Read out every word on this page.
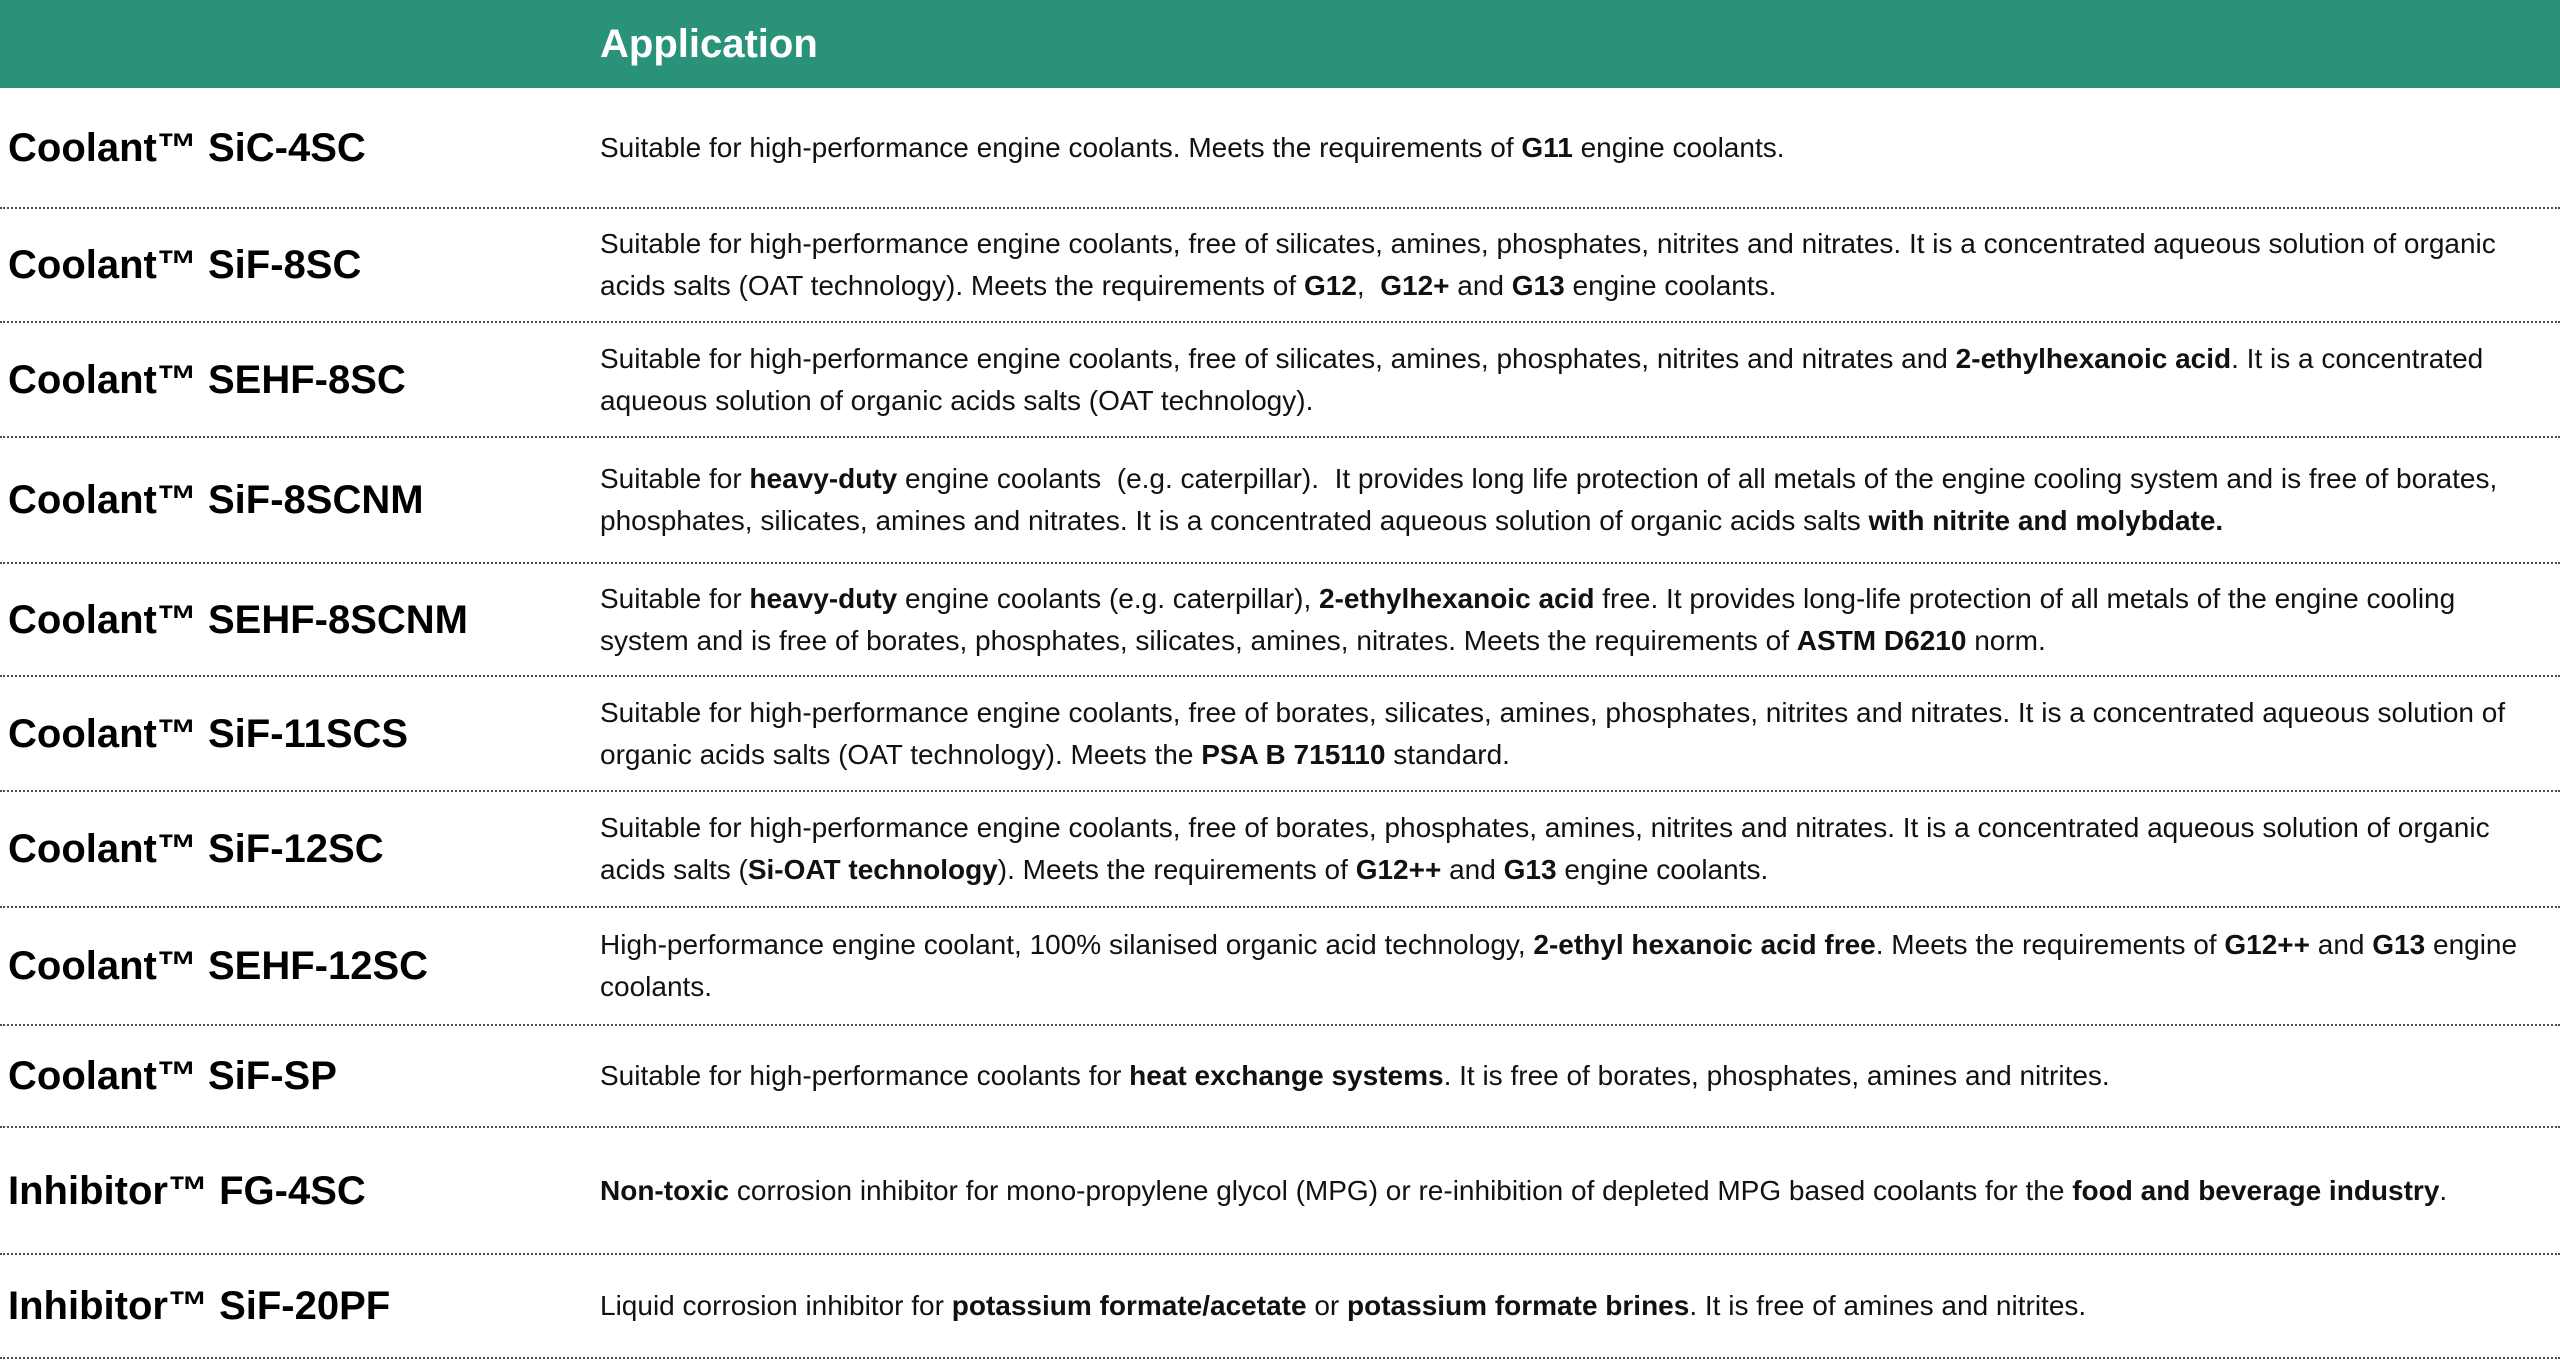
Application
Coolant™ SiC-4SC	Suitable for high-performance engine coolants. Meets the requirements of G11 engine coolants.
Coolant™ SiF-8SC	Suitable for high-performance engine coolants, free of silicates, amines, phosphates, nitrites and nitrates. It is a concentrated aqueous solution of organic acids salts (OAT technology). Meets the requirements of G12,  G12+ and G13 engine coolants.
Coolant™ SEHF-8SC	Suitable for high-performance engine coolants, free of silicates, amines, phosphates, nitrites and nitrates and 2-ethylhexanoic acid. It is a concentrated aqueous solution of organic acids salts (OAT technology).
Coolant™ SiF-8SCNM	Suitable for heavy-duty engine coolants  (e.g. caterpillar).  It provides long life protection of all metals of the engine cooling system and is free of borates, phosphates, silicates, amines and nitrates. It is a concentrated aqueous solution of organic acids salts with nitrite and molybdate.
Coolant™ SEHF-8SCNM	Suitable for heavy-duty engine coolants (e.g. caterpillar), 2-ethylhexanoic acid free. It provides long-life protection of all metals of the engine cooling system and is free of borates, phosphates, silicates, amines, nitrates. Meets the requirements of ASTM D6210 norm.
Coolant™ SiF-11SCS	Suitable for high-performance engine coolants, free of borates, silicates, amines, phosphates, nitrites and nitrates. It is a concentrated aqueous solution of organic acids salts (OAT technology). Meets the PSA B 715110 standard.
Coolant™ SiF-12SC	Suitable for high-performance engine coolants, free of borates, phosphates, amines, nitrites and nitrates. It is a concentrated aqueous solution of organic acids salts (Si-OAT technology). Meets the requirements of G12++ and G13 engine coolants.
Coolant™ SEHF-12SC	High-performance engine coolant, 100% silanised organic acid technology, 2-ethyl hexanoic acid free. Meets the requirements of G12++ and G13 engine coolants.
Coolant™ SiF-SP	Suitable for high-performance coolants for heat exchange systems. It is free of borates, phosphates, amines and nitrites.
Inhibitor™ FG-4SC	Non-toxic corrosion inhibitor for mono-propylene glycol (MPG) or re-inhibition of depleted MPG based coolants for the food and beverage industry.
Inhibitor™ SiF-20PF	Liquid corrosion inhibitor for potassium formate/acetate or potassium formate brines. It is free of amines and nitrites.
